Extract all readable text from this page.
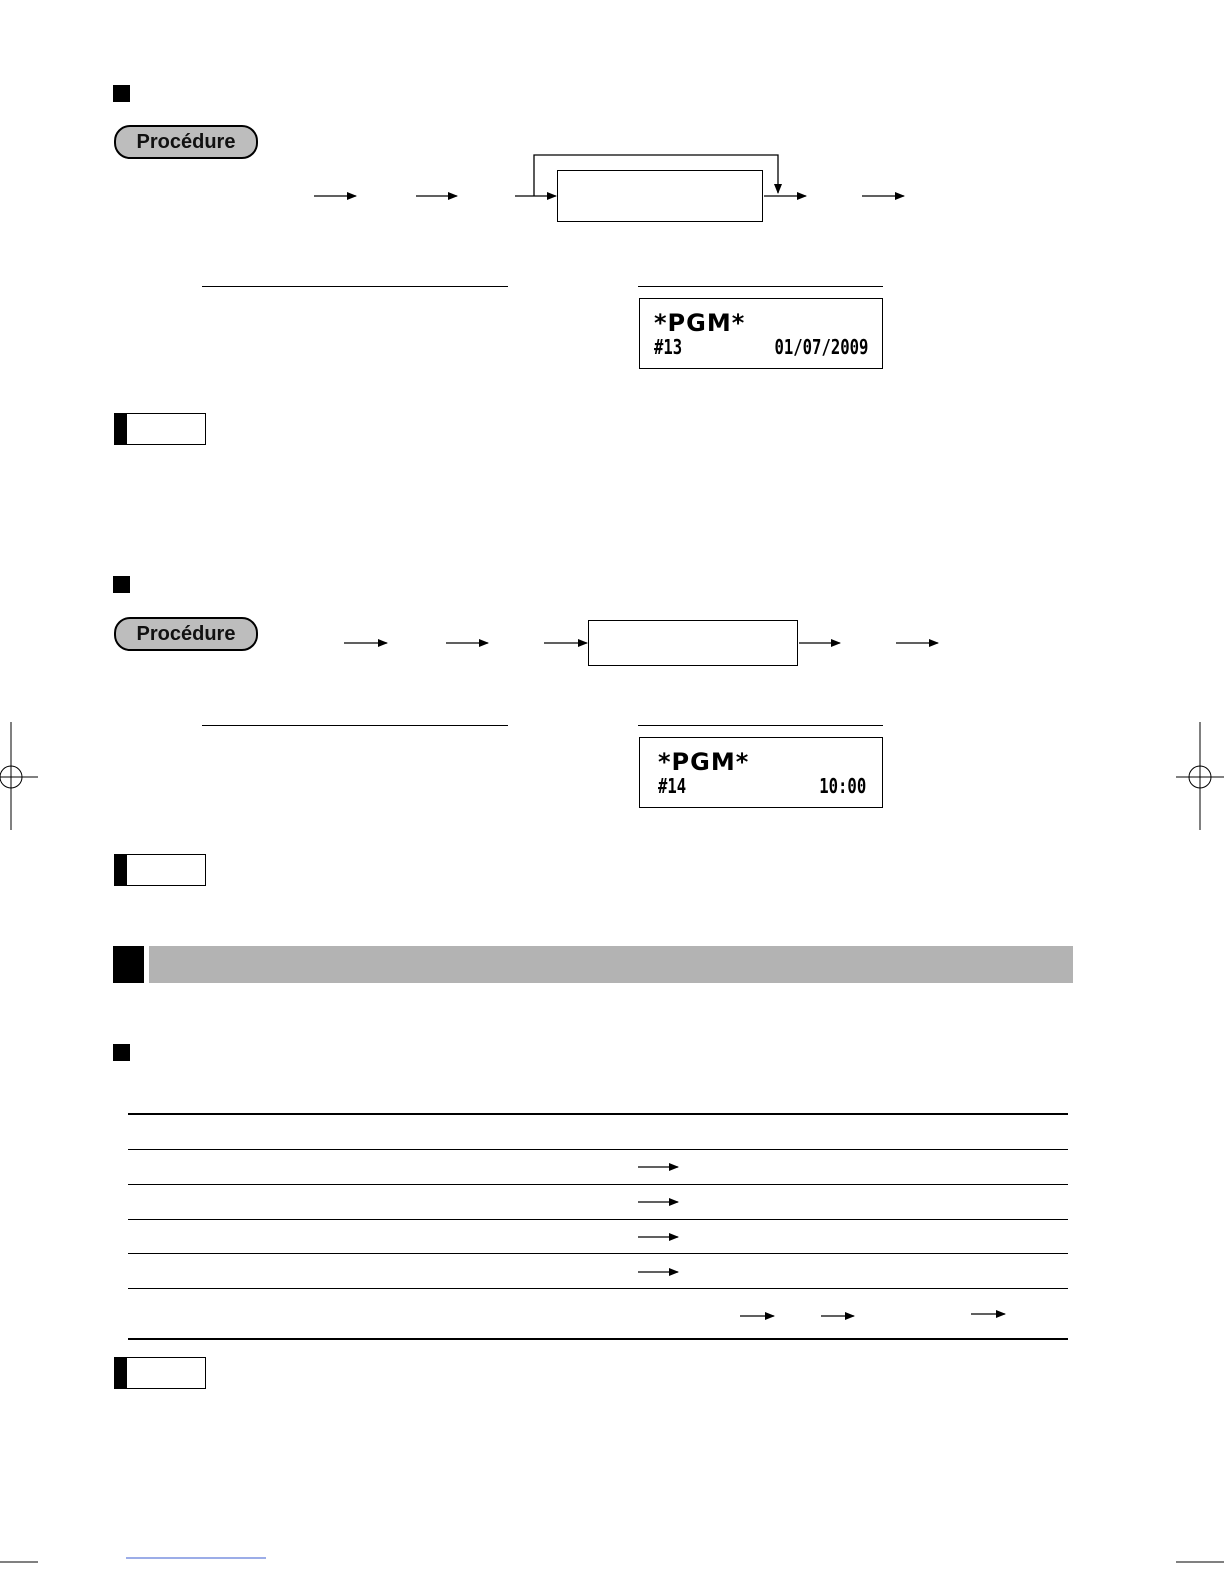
Procédure
*PGM*
#13	01/07/2009
Procédure
*PGM*
#14	10:00
